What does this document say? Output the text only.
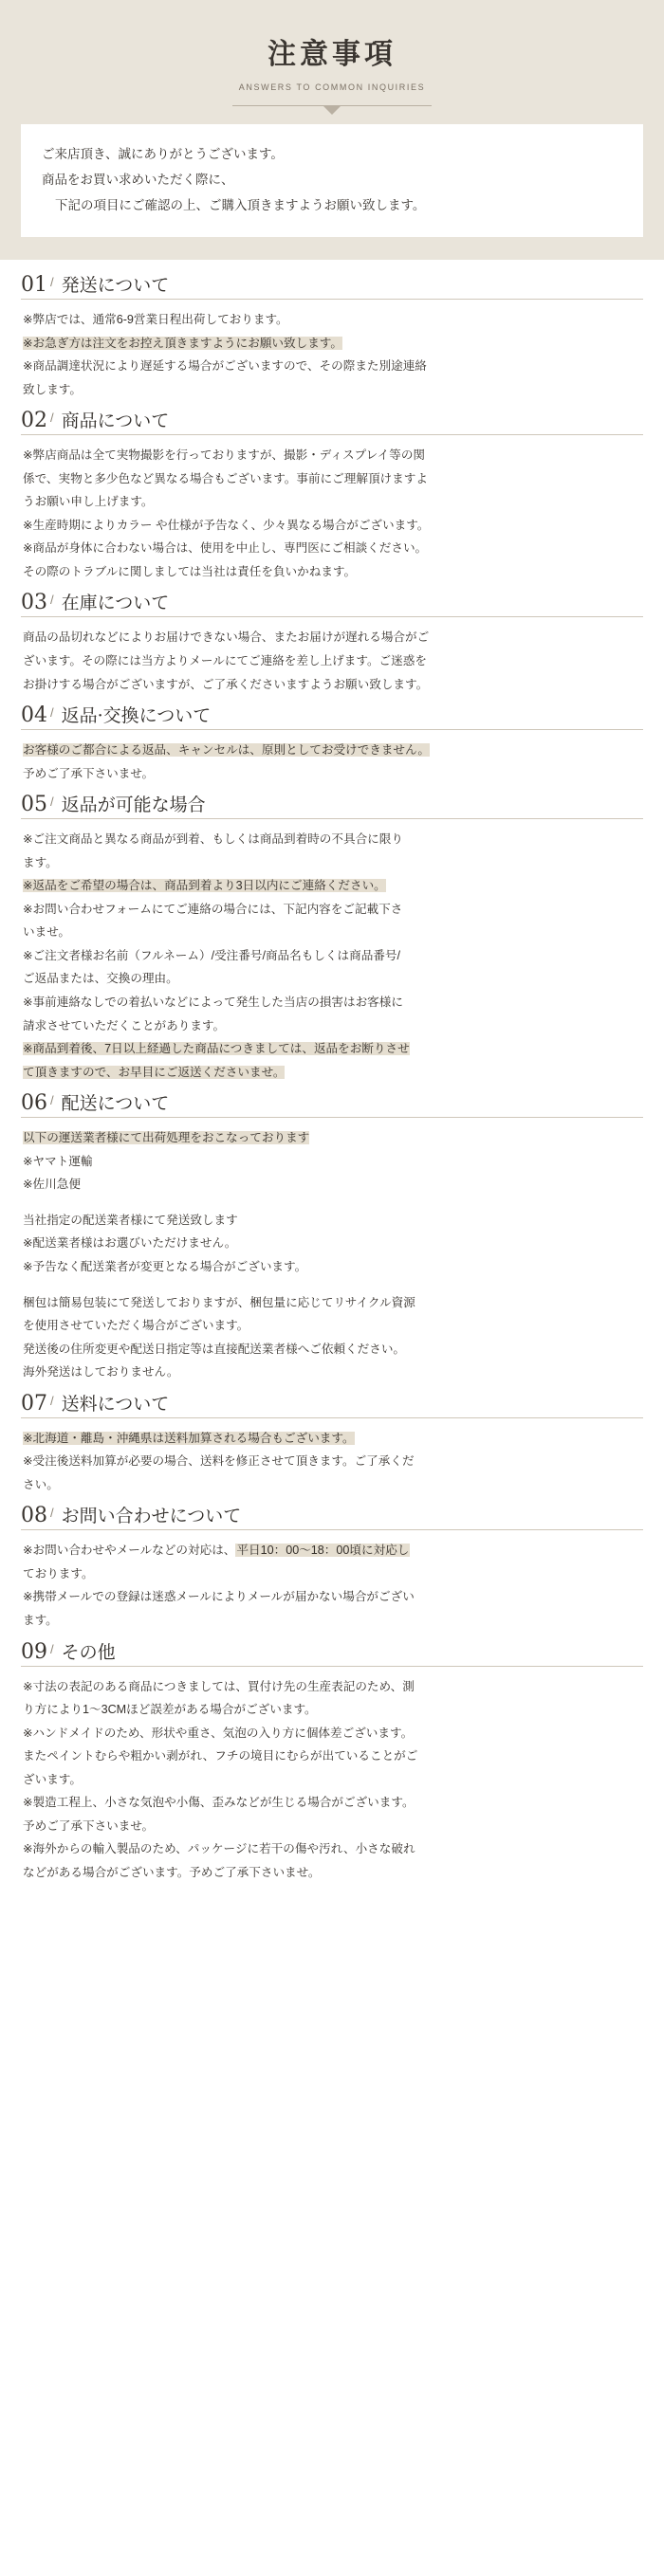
注意事項
ANSWERS TO COMMON INQUIRIES

ご来店頂き、誠にありがとうございます。

商品をお買い求めいただく際に、

下記の項目にご確認の上、ご購入頂きますようお願い致します。

01 / 発送について

※弊店では、通常6-9営業日程出荷しております。

※お急ぎ方は注文をお控え頂きますようにお願い致します。

※商品調達状況により遅延する場合がございますので、その際また別途連絡

致します。

02 / 商品について

※弊店商品は全て実物撮影を行っておりますが、撮影・ディスプレイ等の関

係で、実物と多少色など異なる場合もございます。事前にご理解頂けますよ

うお願い申し上げます。

※生産時期によりカラー や仕様が予告なく、少々異なる場合がございます。

※商品が身体に合わない場合は、使用を中止し、専門医にご相談ください。

その際のトラブルに関しましては当社は責任を負いかねます。

03 / 在庫について

商品の品切れなどによりお届けできない場合、またお届けが遅れる場合がご

ざいます。その際には当方よりメールにてご連絡を差し上げます。ご迷惑を

お掛けする場合がございますが、ご了承くださいますようお願い致します。

04 / 返品·交換について

お客様のご都合による返品、キャンセルは、原則としてお受けできません。

予めご了承下さいませ。

05 / 返品が可能な場合

※ご注文商品と異なる商品が到着、もしくは商品到着時の不具合に限り

ます。

※返品をご希望の場合は、商品到着より3日以内にご連絡ください。

※お問い合わせフォームにてご連絡の場合には、下記内容をご記載下さ

いませ。

※ご注文者様お名前（フルネーム）/受注番号/商品名もしくは商品番号/

ご返品または、交換の理由。

※事前連絡なしでの着払いなどによって発生した当店の損害はお客様に

請求させていただくことがあります。

※商品到着後、7日以上経過した商品につきましては、返品をお断りさせ

て頂きますので、お早目にご返送くださいませ。

06 / 配送について

以下の運送業者様にて出荷処理をおこなっております

※ヤマト運輸

※佐川急便

当社指定の配送業者様にて発送致します

※配送業者様はお選びいただけません。

※予告なく配送業者が変更となる場合がございます。

梱包は簡易包装にて発送しておりますが、梱包量に応じてリサイクル資源

を使用させていただく場合がございます。

発送後の住所変更や配送日指定等は直接配送業者様へご依頼ください。

海外発送はしておりません。

07 / 送料について

※北海道・離島・沖縄県は送料加算される場合もございます。

※受注後送料加算が必要の場合、送料を修正させて頂きます。ご了承くだ

さい。

08 / お問い合わせについて

※お問い合わせやメールなどの対応は、平日10：00～18：00頃に対応し

ております。

※携帯メールでの登録は迷惑メールによりメールが届かない場合がござい

ます。

09 / その他

※寸法の表記のある商品につきましては、買付け先の生産表記のため、測

り方により1～3CMほど誤差がある場合がございます。

※ハンドメイドのため、形状や重さ、気泡の入り方に個体差ございます。

またペイントむらや粗かい剥がれ、フチの境目にむらが出ていることがご

ざいます。

※製造工程上、小さな気泡や小傷、歪みなどが生じる場合がございます。

予めご了承下さいませ。

※海外からの輸入製品のため、パッケージに若干の傷や汚れ、小さな破れ

などがある場合がございます。予めご了承下さいませ。
